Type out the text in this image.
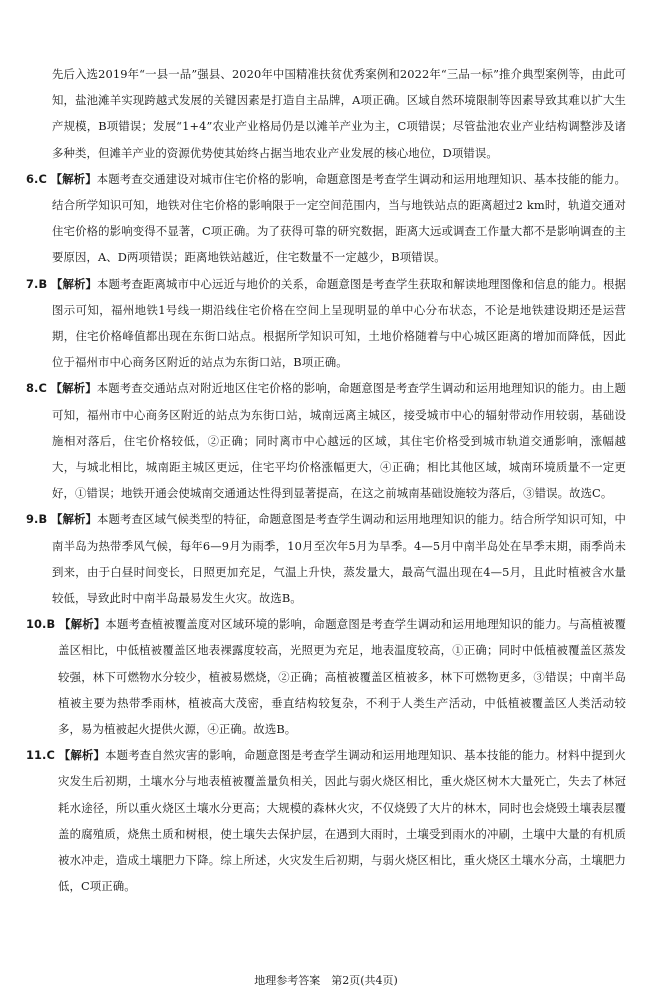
先后入选2019年“一县一品”强县、2020年中国精准扶贫优秀案例和2022年“三品一标”推介典型案例等，由此可知，盐池滩羊实现跨越式发展的关键因素是打造自主品牌，A项正确。区域自然环境限制等因素导致其难以扩大生产规模，B项错误；发展“1+4”农业产业格局仍是以滩羊产业为主，C项错误；尽管盐池农业产业结构调整涉及诸多种类，但滩羊产业的资源优势使其始终占据当地农业产业发展的核心地位，D项错误。
6.C 【解析】本题考查交通建设对城市住宅价格的影响，命题意图是考查学生调动和运用地理知识、基本技能的能力。结合所学知识可知，地铁对住宅价格的影响限于一定空间范围内，当与地铁站点的距离超过2 km时，轨道交通对住宅价格的影响变得不显著，C项正确。为了获得可靠的研究数据，距离大远或调查工作量大都不是影响调查的主要原因，A、D两项错误；距离地铁站越近，住宅数量不一定越少，B项错误。
7.B 【解析】本题考查距离城市中心远近与地价的关系，命题意图是考查学生获取和解读地理图像和信息的能力。根据图示可知，福州地铁1号线一期沿线住宅价格在空间上呈现明显的单中心分布状态，不论是地铁建设期还是运营期，住宅价格峰值都出现在东街口站点。根据所学知识可知，土地价格随着与中心城区距离的增加而降低，因此位于福州市中心商务区附近的站点为东街口站，B项正确。
8.C 【解析】本题考查交通站点对附近地区住宅价格的影响，命题意图是考查学生调动和运用地理知识的能力。由上题可知，福州市中心商务区附近的站点为东街口站，城南远离主城区，接受城市中心的辐射带动作用较弱，基础设施相对落后，住宅价格较低，②正确；同时离市中心越远的区域，其住宅价格受到城市轨道交通影响，涨幅越大，与城北相比，城南距主城区更远，住宅平均价格涨幅更大，④正确；相比其他区域，城南环境质量不一定更好，①错误；地铁开通会使城南交通通达性得到显著提高，在这之前城南基础设施较为落后，③错误。故选C。
9.B 【解析】本题考查区域气候类型的特征，命题意图是考查学生调动和运用地理知识的能力。结合所学知识可知，中南半岛为热带季风气候，每年6—9月为雨季，10月至次年5月为旱季。4—5月中南半岛处在旱季末期，雨季尚未到来，由于白昼时间变长，日照更加充足，气温上升快，蒸发量大，最高气温出现在4—5月，且此时植被含水量较低，导致此时中南半岛最易发生火灾。故选B。
10.B 【解析】本题考查植被覆盖度对区域环境的影响，命题意图是考查学生调动和运用地理知识的能力。与高植被覆盖区相比，中低植被覆盖区地表裸露度较高，光照更为充足，地表温度较高，①正确；同时中低植被覆盖区蒸发较强，林下可燃物水分较少，植被易燃烧，②正确；高植被覆盖区植被多，林下可燃物更多，③错误；中南半岛植被主要为热带季雨林，植被高大茂密，垂直结构较复杂，不利于人类生产活动，中低植被覆盖区人类活动较多，易为植被起火提供火源，④正确。故选B。
11.C 【解析】本题考查自然灾害的影响，命题意图是考查学生调动和运用地理知识、基本技能的能力。材料中提到火灾发生后初期，土壤水分与地表植被覆盖量负相关，因此与弱火烧区相比，重火烧区树木大量死亡，失去了林冠耗水途径，所以重火烧区土壤水分更高；大规模的森林火灾，不仅烧毁了大片的林木，同时也会烧毁土壤表层覆盖的腐殖质，烧焦土质和树根，使土壤失去保护层，在遇到大雨时，土壤受到雨水的冲刷，土壤中大量的有机质被水冲走，造成土壤肥力下降。综上所述，火灾发生后初期，与弱火烧区相比，重火烧区土壤水分高，土壤肥力低，C项正确。
地理参考答案　第2页(共4页)
